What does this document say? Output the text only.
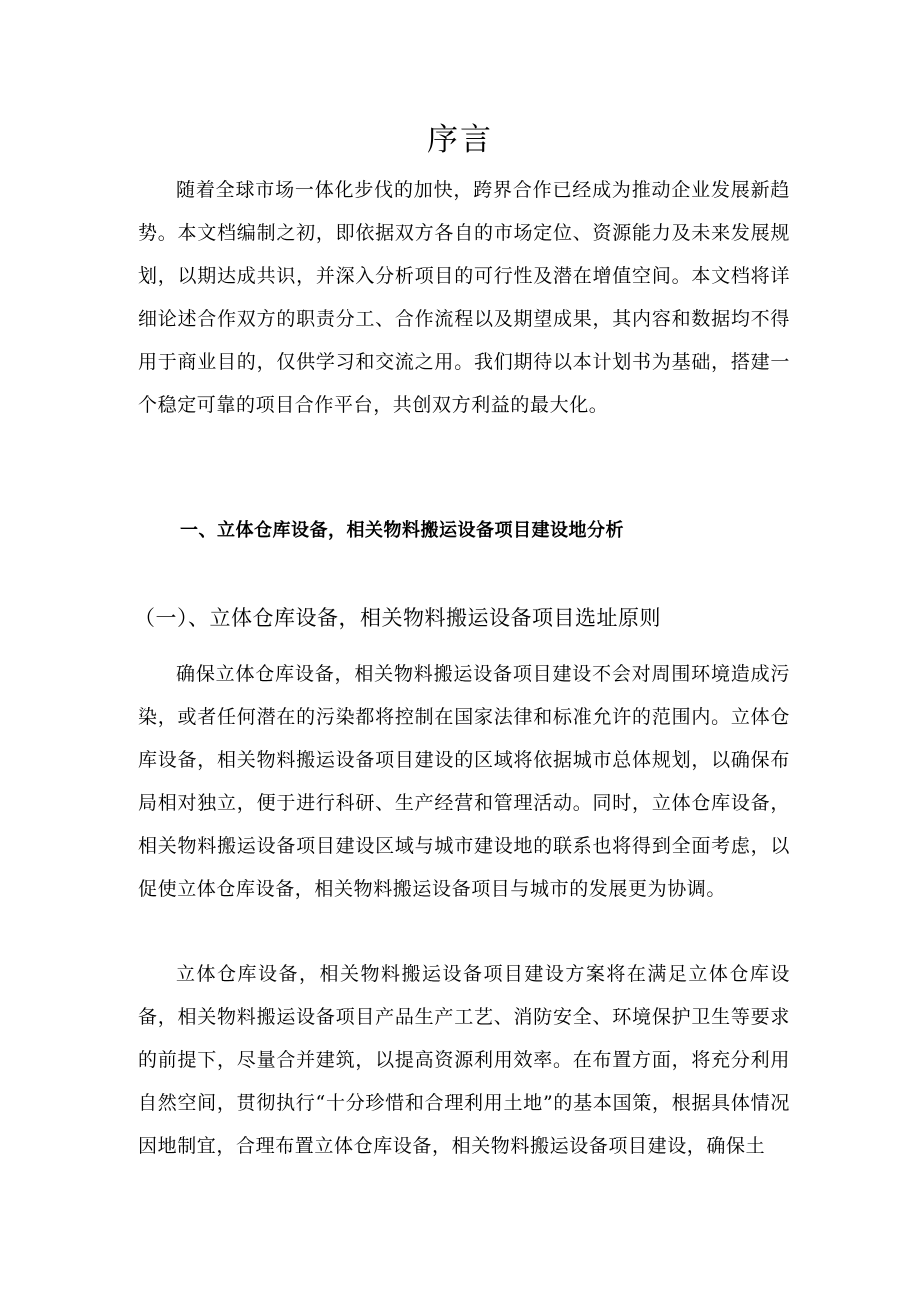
序言

随着全球市场一体化步伐的加快，跨界合作已经成为推动企业发展新趋势。本文档编制之初，即依据双方各自的市场定位、资源能力及未来发展规划，以期达成共识，并深入分析项目的可行性及潜在增值空间。本文档将详细论述合作双方的职责分工、合作流程以及期望成果，其内容和数据均不得用于商业目的，仅供学习和交流之用。我们期待以本计划书为基础，搭建一个稳定可靠的项目合作平台，共创双方利益的最大化。

一、立体仓库设备，相关物料搬运设备项目建设地分析
（一）、立体仓库设备，相关物料搬运设备项目选址原则

确保立体仓库设备，相关物料搬运设备项目建设不会对周围环境造成污染，或者任何潜在的污染都将控制在国家法律和标准允许的范围内。立体仓库设备，相关物料搬运设备项目建设的区域将依据城市总体规划，以确保布局相对独立，便于进行科研、生产经营和管理活动。同时，立体仓库设备，相关物料搬运设备项目建设区域与城市建设地的联系也将得到全面考虑，以促使立体仓库设备，相关物料搬运设备项目与城市的发展更为协调。

立体仓库设备，相关物料搬运设备项目建设方案将在满足立体仓库设备，相关物料搬运设备项目产品生产工艺、消防安全、环境保护卫生等要求的前提下，尽量合并建筑，以提高资源利用效率。在布置方面，将充分利用自然空间，贯彻执行“十分珍惜和合理利用土地”的基本国策，根据具体情况因地制宜，合理布置立体仓库设备，相关物料搬运设备项目建设，确保土
